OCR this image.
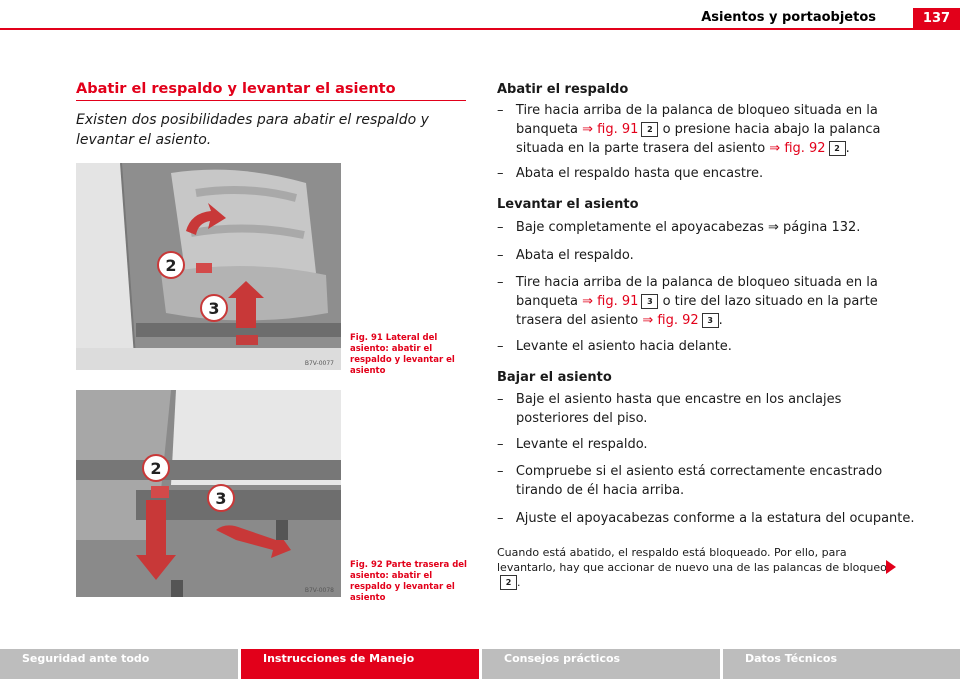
Asientos y portaobjetos	137
Abatir el respaldo y levantar el asiento
Existen dos posibilidades para abatir el respaldo y levantar el asiento.
2
3
B7V-0077
Fig. 91 Lateral del asiento: abatir el respaldo y levantar el asiento
2
3
B7V-0078
Fig. 92 Parte trasera del asiento: abatir el respaldo y levantar el asiento
Abatir el respaldo
–   Tire hacia arriba de la palanca de bloqueo situada en la banqueta ⇒ fig. 91 2 o presione hacia abajo la palanca situada en la parte trasera del asiento ⇒ fig. 92 2 .
–   Abata el respaldo hasta que encastre.
Levantar el asiento
–   Baje completamente el apoyacabezas ⇒ página 132.
–   Abata el respaldo.
–   Tire hacia arriba de la palanca de bloqueo situada en la banqueta ⇒ fig. 91 3 o tire del lazo situado en la parte trasera del asiento ⇒ fig. 92 3 .
–   Levante el asiento hacia delante.
Bajar el asiento
–   Baje el asiento hasta que encastre en los anclajes posteriores del piso.
–   Levante el respaldo.
–   Compruebe si el asiento está correctamente encastrado tirando de él hacia arriba.
–   Ajuste el apoyacabezas conforme a la estatura del ocupante.
Cuando está abatido, el respaldo está bloqueado. Por ello, para levantarlo, hay que accionar de nuevo una de las palancas de bloqueo 2 .
Seguridad ante todo	Instrucciones de Manejo	Consejos prácticos	Datos Técnicos
